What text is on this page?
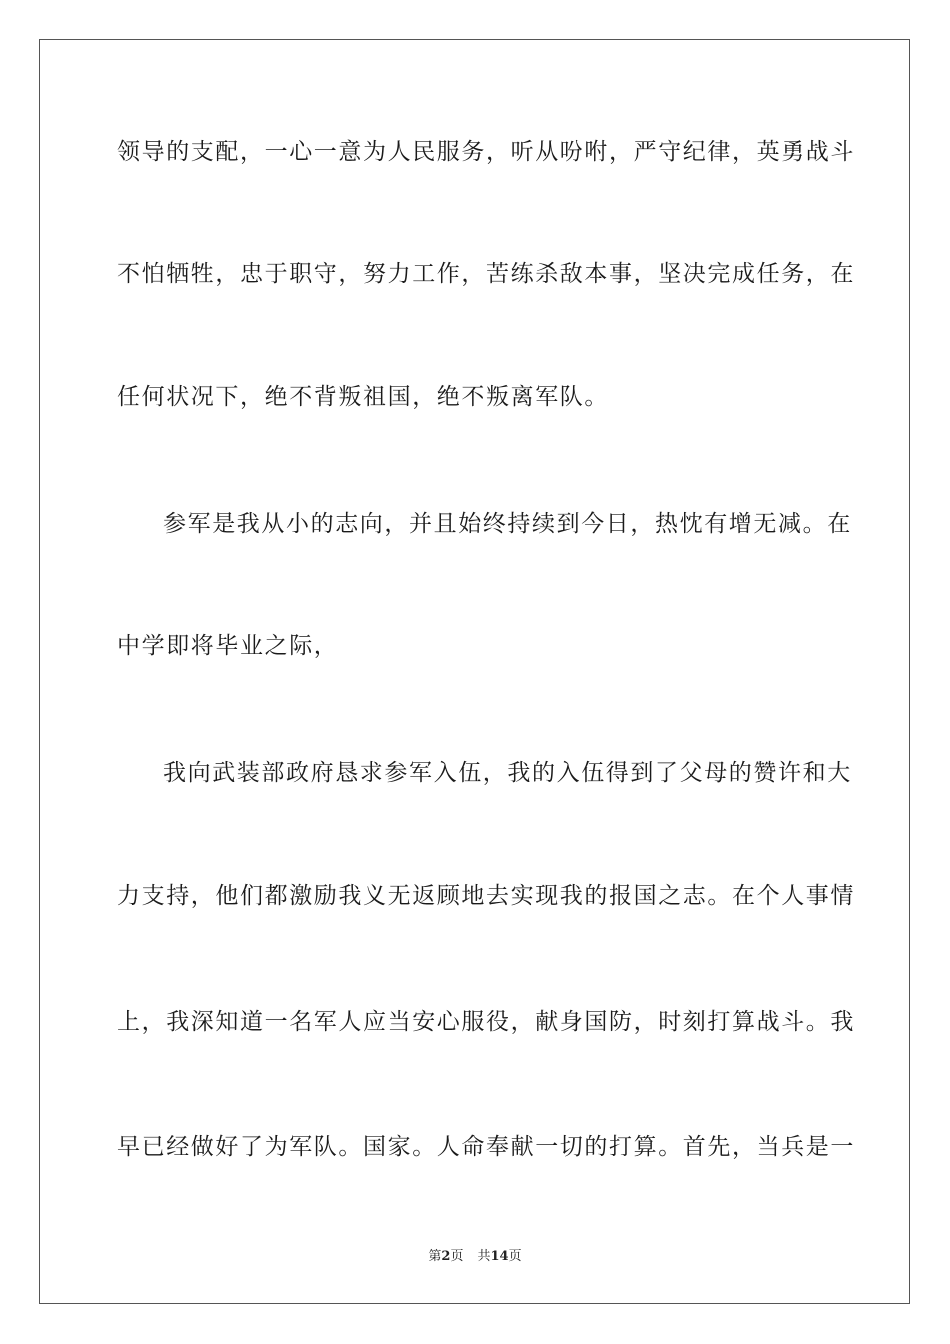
领导的支配，一心一意为人民服务，听从吩咐，严守纪律，英勇战斗
不怕牺牲，忠于职守，努力工作，苦练杀敌本事，坚决完成任务，在
任何状况下，绝不背叛祖国，绝不叛离军队。
参军是我从小的志向，并且始终持续到今日，热忱有增无减。在
中学即将毕业之际，
我向武装部政府恳求参军入伍，我的入伍得到了父母的赞许和大
力支持，他们都激励我义无返顾地去实现我的报国之志。在个人事情
上，我深知道一名军人应当安心服役，献身国防，时刻打算战斗。我
早已经做好了为军队。国家。人命奉献一切的打算。首先，当兵是一
第2页 共14页
